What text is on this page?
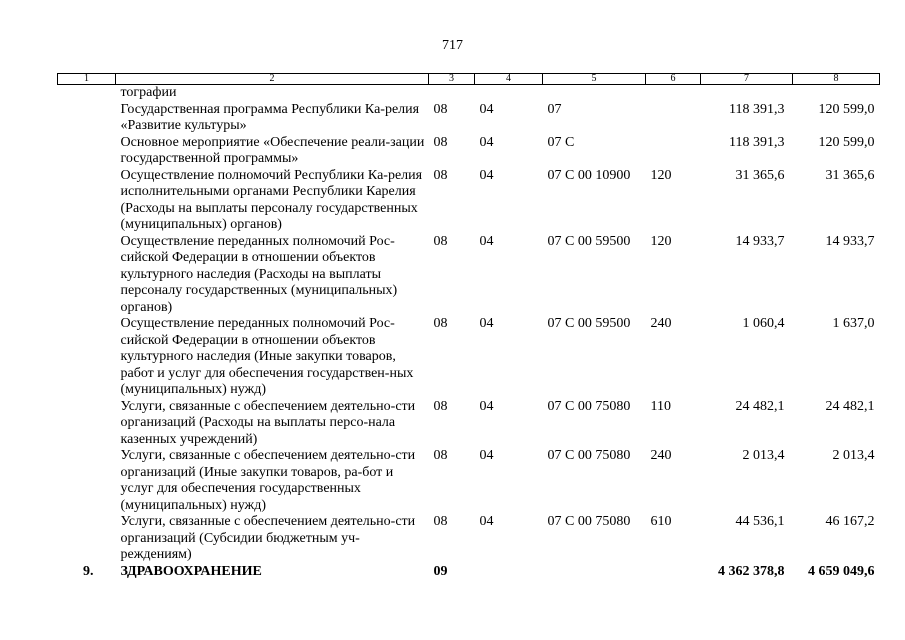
717
1	2	3	4	5	6	7	8
	тографии						
	Государственная программа Республики Ка-релия «Развитие культуры»	08	04	07		118 391,3	120 599,0
	Основное мероприятие «Обеспечение реали-зации государственной программы»	08	04	07 С		118 391,3	120 599,0
	Осуществление полномочий Республики Ка-релия исполнительными органами Республики Карелия (Расходы на выплаты персоналу государственных (муниципальных) органов)	08	04	07 С 00 10900	120	31 365,6	31 365,6
	Осуществление переданных полномочий Рос-сийской Федерации в отношении объектов культурного наследия (Расходы на выплаты персоналу государственных (муниципальных) органов)	08	04	07 С 00 59500	120	14 933,7	14 933,7
	Осуществление переданных полномочий Рос-сийской Федерации в отношении объектов культурного наследия (Иные закупки товаров, работ и услуг для обеспечения государствен-ных (муниципальных) нужд)	08	04	07 С 00 59500	240	1 060,4	1 637,0
	Услуги, связанные с обеспечением деятельно-сти организаций (Расходы на выплаты персо-нала казенных учреждений)	08	04	07 С 00 75080	110	24 482,1	24 482,1
	Услуги, связанные с обеспечением деятельно-сти организаций (Иные закупки товаров, ра-бот и услуг для обеспечения государственных (муниципальных) нужд)	08	04	07 С 00 75080	240	2 013,4	2 013,4
	Услуги, связанные с обеспечением деятельно-сти организаций (Субсидии бюджетным уч-реждениям)	08	04	07 С 00 75080	610	44 536,1	46 167,2
9.	ЗДРАВООХРАНЕНИЕ	09				4 362 378,8	4 659 049,6
